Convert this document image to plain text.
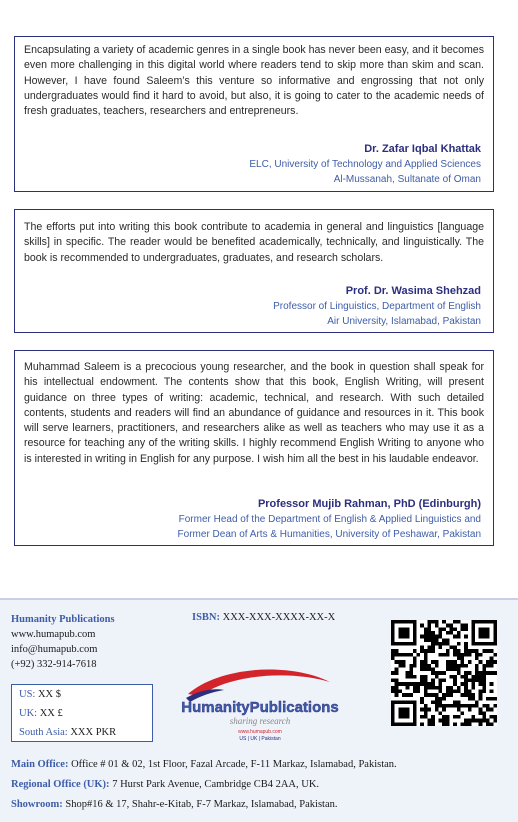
Encapsulating a variety of academic genres in a single book has never been easy, and it becomes even more challenging in this digital world where readers tend to skip more than skim and scan. However, I have found Saleem’s this venture so informative and engrossing that not only undergraduates would find it hard to avoid, but also, it is going to cater to the academic needs of fresh graduates, teachers, researchers and entrepreneurs.

Dr. Zafar Iqbal Khattak
ELC, University of Technology and Applied Sciences
Al-Mussanah, Sultanate of Oman

The efforts put into writing this book contribute to academia in general and linguistics [language skills] in specific. The reader would be benefited academically, technically, and linguistically. The book is recommended to undergraduates, graduates, and research scholars.

Prof. Dr. Wasima Shehzad
Professor of Linguistics, Department of English
Air University, Islamabad, Pakistan

Muhammad Saleem is a precocious young researcher, and the book in question shall speak for his intellectual endowment. The contents show that this book, English Writing, will present guidance on three types of writing: academic, technical, and research. With such detailed contents, students and readers will find an abundance of guidance and resources in it. This book will serve learners, practitioners, and researchers alike as well as teachers who may use it as a resource for teaching any of the writing skills. I highly recommend English Writing to anyone who is interested in writing in English for any purpose. I wish him all the best in his laudable endeavor.

Professor Mujib Rahman, PhD (Edinburgh)
Former Head of the Department of English & Applied Linguistics and
Former Dean of Arts & Humanities, University of Peshawar, Pakistan
Humanity Publications
www.humapub.com
info@humapub.com
(+92) 332-914-7618
ISBN: XXX-XXX-XXXX-XX-X
US: XX $
UK: XX £
South Asia: XXX PKR
HumanityPublications
sharing research
www.humapub.com
US | UK | Pakistan
Main Office: Office # 01 & 02, 1st Floor, Fazal Arcade, F-11 Markaz, Islamabad, Pakistan.
Regional Office (UK): 7 Hurst Park Avenue, Cambridge CB4 2AA, UK.
Showroom: Shop#16 & 17, Shahr-e-Kitab, F-7 Markaz, Islamabad, Pakistan.
